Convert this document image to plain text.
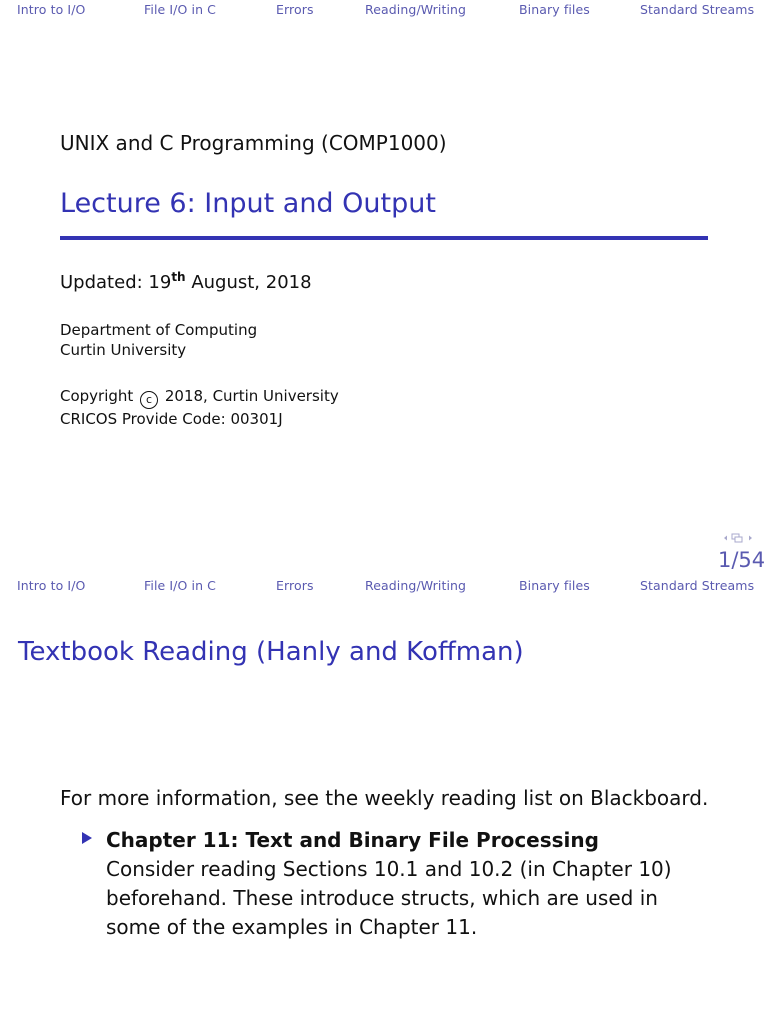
Intro to I/O	File I/O in C	Errors	Reading/Writing	Binary files	Standard Streams
UNIX and C Programming (COMP1000)
Lecture 6: Input and Output
Updated: 19th August, 2018
Department of Computing
Curtin University
Copyright c 2018, Curtin University
CRICOS Provide Code: 00301J
1/54
Intro to I/O	File I/O in C	Errors	Reading/Writing	Binary files	Standard Streams
Textbook Reading (Hanly and Koffman)

For more information, see the weekly reading list on Blackboard.

Chapter 11: Text and Binary File Processing
Consider reading Sections 10.1 and 10.2 (in Chapter 10) beforehand. These introduce structs, which are used in some of the examples in Chapter 11.
